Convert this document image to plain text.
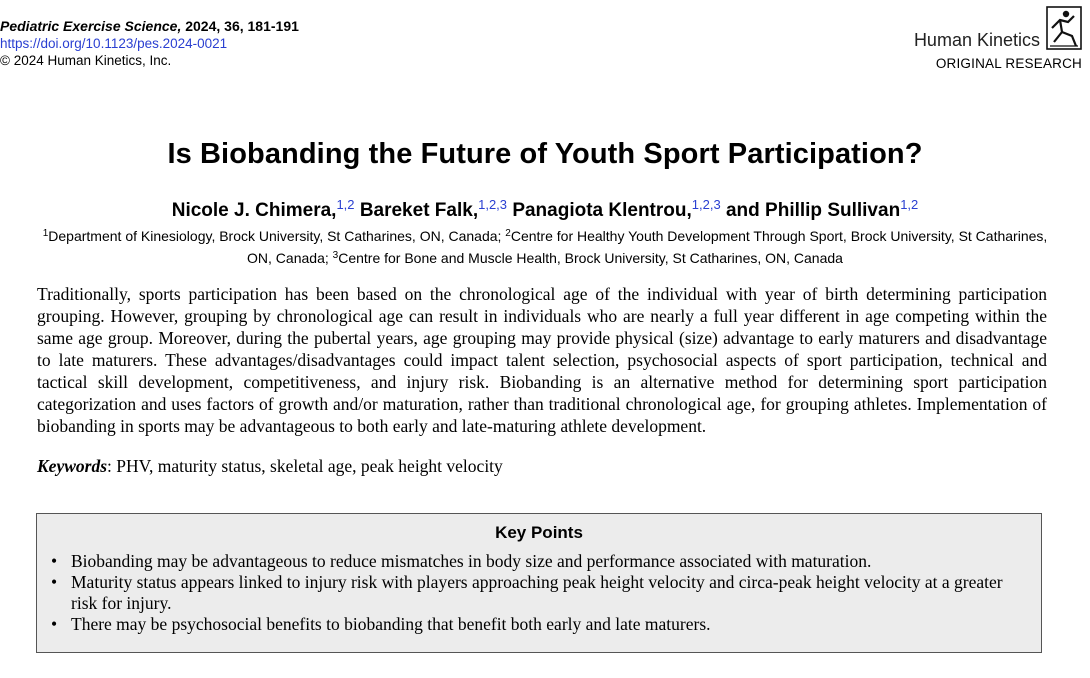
Pediatric Exercise Science, 2024, 36, 181-191
https://doi.org/10.1123/pes.2024-0021
© 2024 Human Kinetics, Inc.
Human Kinetics
ORIGINAL RESEARCH
Is Biobanding the Future of Youth Sport Participation?
Nicole J. Chimera,$^{1,2}$ Bareket Falk,$^{1,2,3}$ Panagiota Klentrou,$^{1,2,3}$ and Phillip Sullivan$^{1,2}$
$^1$Department of Kinesiology, Brock University, St Catharines, ON, Canada; $^2$Centre for Healthy Youth Development Through Sport, Brock University, St Catharines, ON, Canada; $^3$Centre for Bone and Muscle Health, Brock University, St Catharines, ON, Canada

Traditionally, sports participation has been based on the chronological age of the individual with year of birth determining participation grouping. However, grouping by chronological age can result in individuals who are nearly a full year different in age competing within the same age group. Moreover, during the pubertal years, age grouping may provide physical (size) advantage to early maturers and disadvantage to late maturers. These advantages/disadvantages could impact talent selection, psychosocial aspects of sport participation, technical and tactical skill development, competitiveness, and injury risk. Biobanding is an alternative method for determining sport participation categorization and uses factors of growth and/or maturation, rather than traditional chronological age, for grouping athletes. Implementation of biobanding in sports may be advantageous to both early and late-maturing athlete development.

Keywords: PHV, maturity status, skeletal age, peak height velocity
Key Points
• Biobanding may be advantageous to reduce mismatches in body size and performance associated with maturation.
• Maturity status appears linked to injury risk with players approaching peak height velocity and circa-peak height velocity at a greater risk for injury.
• There may be psychosocial benefits to biobanding that benefit both early and late maturers.
